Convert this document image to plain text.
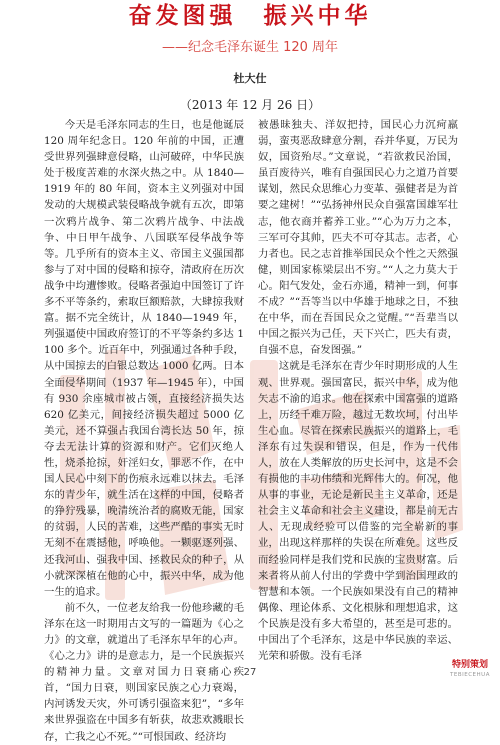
奋发图强　振兴中华
——纪念毛泽东诞生 120 周年
杜大仕
（2013 年 12 月 26 日）

今天是毛泽东同志的生日，也是他诞辰 120 周年纪念日。120 年前的中国，正遭受世界列强肆意侵略，山河破碎，中华民族处于极度苦难的水深火热之中。从 1840—1919 年的 80 年间，资本主义列强对中国发动的大规模武装侵略战争就有五次，即第一次鸦片战争、第二次鸦片战争、中法战争、中日甲午战争、八国联军侵华战争等等。几乎所有的资本主义、帝国主义强国都参与了对中国的侵略和掠夺，清政府在历次战争中均遭惨败。侵略者强迫中国签订了许多不平等条约，索取巨额赔款，大肆掠我财富。据不完全统计，从 1840—1949 年，列强逼使中国政府签订的不平等条约多达 1100 多个。近百年中，列强通过各种手段，从中国掠去的白银总数达 1000 亿两。日本全面侵华期间（1937 年—1945 年），中国有 930 余座城市被占领，直接经济损失达 620 亿美元，间接经济损失超过 5000 亿美元，还不算强占我国台湾长达 50 年，掠夺去无法计算的资源和财产。它们灭绝人性，烧杀抢掠，奸淫妇女，罪恶不作，在中国人民心中刻下的伤痕永远难以抹去。毛泽东的青少年，就生活在这样的中国，侵略者的狰狞残暴，晚清统治者的腐败无能，国家的贫弱，人民的苦难，这些严酷的事实无时无刻不在震撼他，呼唤他。一颗驱逐列强、还我河山、强我中国、拯救民众的种子，从小就深深植在他的心中，振兴中华，成为他一生的追求。

前不久，一位老友给我一份他珍藏的毛泽东在这一时期用古文写的一篇题为《心之力》的文章，就道出了毛泽东早年的心声。《心之力》讲的是意志力，是一个民族振兴的精神力量。文章对国力日衰痛心疾首，“国力日衰，则国家民族之心力衰竭，内河诱发天灾，外可诱引强盗来犯”，“多年来世界强盗在中国多有斩获，故悲欢溅眼长存，亡我之心不死。”“可恨国政、经济均

被愚昧独夫、洋奴把持，国民心力沉疴羸弱，蛮夷恶敌肆意分割，吞并华夏，万民为奴，国资殆尽。”文章说，“若欲救民治国，虽百废待兴，唯有自强国民心力之道乃首要谋划，然民众思维心力变革、强健者是为首要之建树！”“弘扬神州民众自强富国雄军壮志，他衣商并蓄养工业。”“心为万力之本，三军可夺其帅，匹夫不可夺其志。志者，心力者也。民之志首推举国民众个性之天然强健，则国家栋梁层出不穷。”“人之力莫大于心。阳气发处，金石亦通，精神一到，何事不成？”“吾等当以中华雄于地球之日，不独在中华，而在吾国民众之觉醒。”“吾辈当以中国之振兴为己任，天下兴亡，匹夫有责，自强不息，奋发图强。”

这就是毛泽东在青少年时期形成的人生观、世界观。强国富民，振兴中华，成为他矢志不渝的追求。他在探索中国富强的道路上，历经千难万险，越过无数坎坷，付出毕生心血。尽管在探索民族振兴的道路上，毛泽东有过失误和错误，但是，作为一代伟人，放在人类解放的历史长河中，这是不会有损他的丰功伟绩和光辉伟大的。何况，他从事的事业，无论是新民主主义革命，还是社会主义革命和社会主义建设，都是前无古人、无现成经验可以借鉴的完全崭新的事业，出现这样那样的失误在所难免。这些反而经验同样是我们党和民族的宝贵财富。后来者将从前人付出的学费中学到治国理政的智慧和本领。一个民族如果没有自己的精神偶像、理论体系、文化根脉和理想追求，这个民族是没有多大希望的，甚至是可悲的。中国出了个毛泽东，这是中华民族的幸运、光荣和骄傲。没有毛泽

27
特别策划
TEBIECEHUA
